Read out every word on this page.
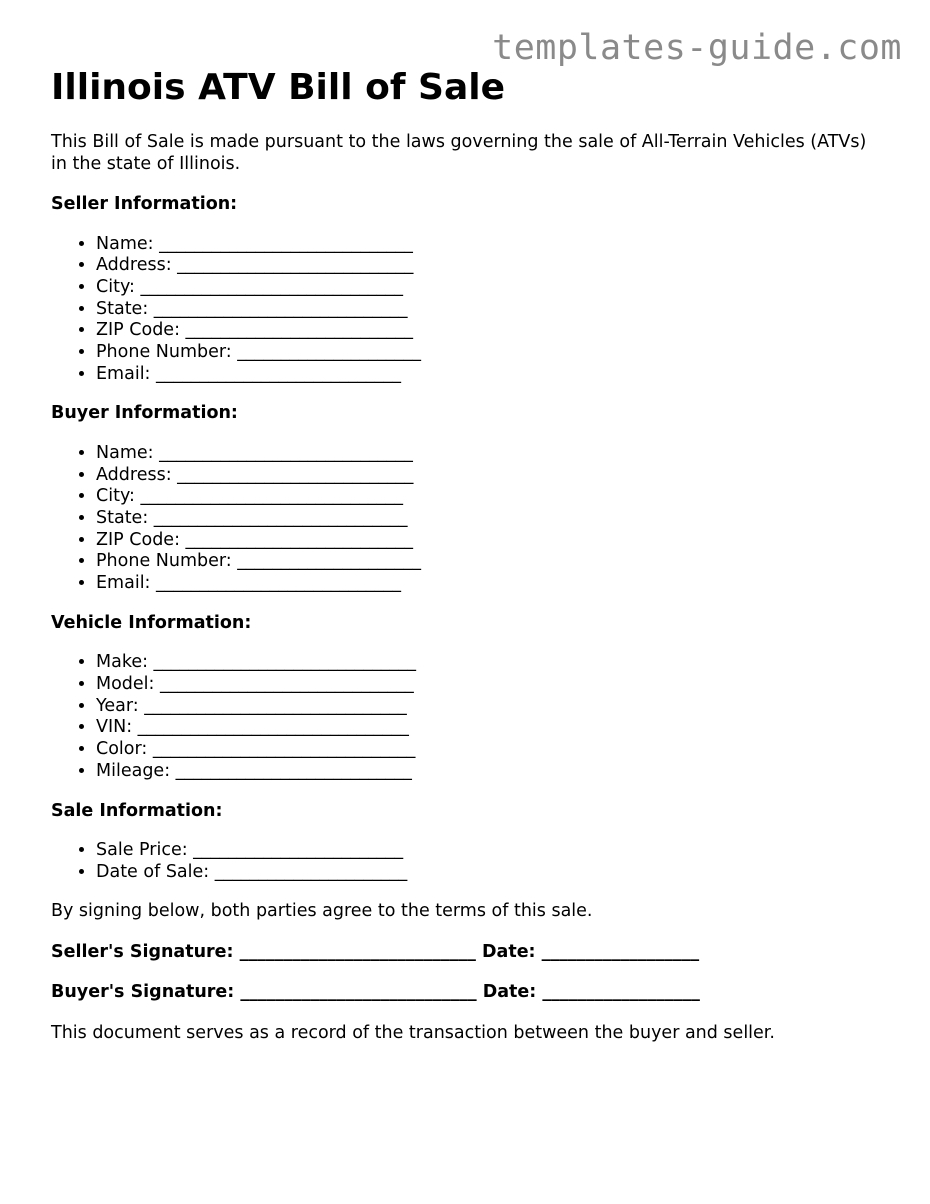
templates-guide.com
Illinois ATV Bill of Sale

This Bill of Sale is made pursuant to the laws governing the sale of All-Terrain Vehicles (ATVs) in the state of Illinois.

Seller Information:
• Name: _____________________________
• Address: ___________________________
• City: ______________________________
• State: _____________________________
• ZIP Code: __________________________
• Phone Number: _____________________
• Email: ____________________________
Buyer Information:
• Name: _____________________________
• Address: ___________________________
• City: ______________________________
• State: _____________________________
• ZIP Code: __________________________
• Phone Number: _____________________
• Email: ____________________________
Vehicle Information:
• Make: ______________________________
• Model: _____________________________
• Year: ______________________________
• VIN: _______________________________
• Color: ______________________________
• Mileage: ___________________________
Sale Information:
• Sale Price: ________________________
• Date of Sale: ______________________

By signing below, both parties agree to the terms of this sale.

Seller's Signature: ___________________________ Date: __________________
Buyer's Signature: ___________________________ Date: __________________

This document serves as a record of the transaction between the buyer and seller.
